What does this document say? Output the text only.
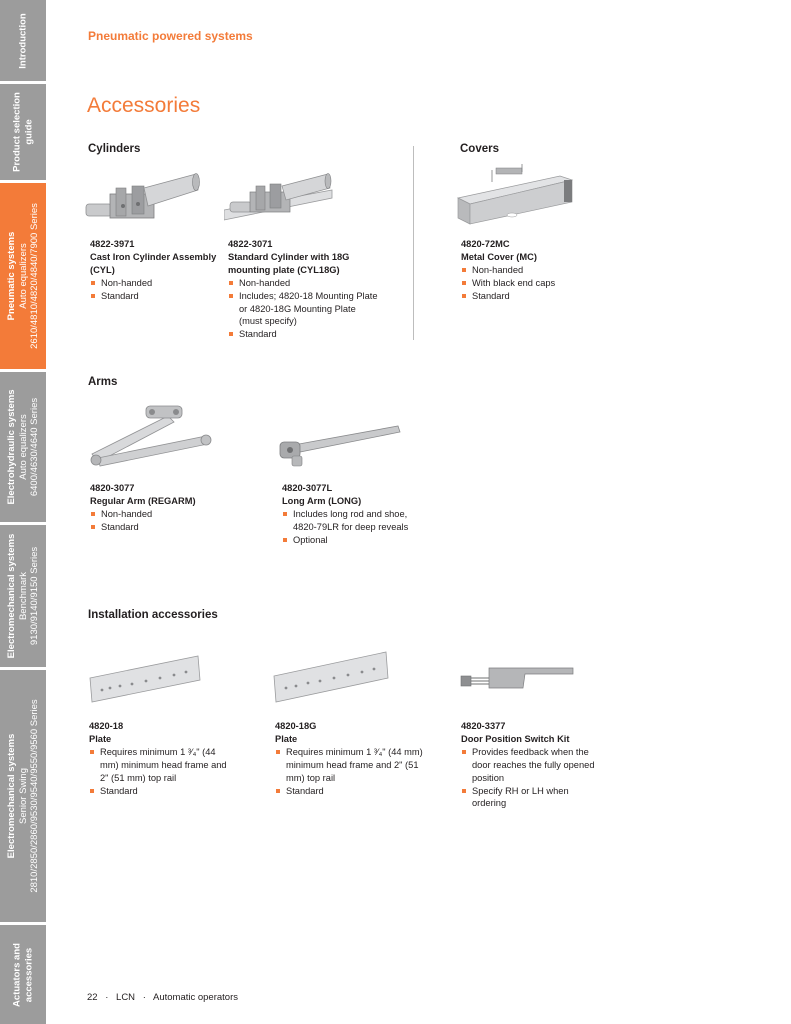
Introduction
Product selection guide
Pneumatic systems Auto equalizers 2610/4810/4820/4840/7900 Series
Electrohydraulic systems Auto equalizers 6400/4630/4640 Series
Electromechanical systems Benchmark 9130/9140/9150 Series
Electromechanical systems Senior Swing 2810/2850/2860/9530/9540/9550/9560 Series
Actuators and accessories
Pneumatic powered systems
Accessories
Cylinders	Covers
4822-3971
Cast Iron Cylinder Assembly (CYL)
Non-handed
Standard
4822-3071
Standard Cylinder with 18G mounting plate (CYL18G)
Non-handed
Includes; 4820-18 Mounting Plate or 4820-18G Mounting Plate (must specify)
Standard
4820-72MC
Metal Cover (MC)
Non-handed
With black end caps
Standard
Arms
4820-3077
Regular Arm (REGARM)
Non-handed
Standard
4820-3077L
Long Arm (LONG)
Includes long rod and shoe, 4820-79LR for deep reveals
Optional
Installation accessories
4820-18
Plate
Requires minimum 1 ³⁄₄" (44 mm) minimum head frame and 2" (51 mm) top rail
Standard
4820-18G
Plate
Requires minimum 1 ³⁄₄" (44 mm) minimum head frame and 2" (51 mm) top rail
Standard
4820-3377
Door Position Switch Kit
Provides feedback when the door reaches the fully opened position
Specify RH or LH when ordering
22 · LCN · Automatic operators
